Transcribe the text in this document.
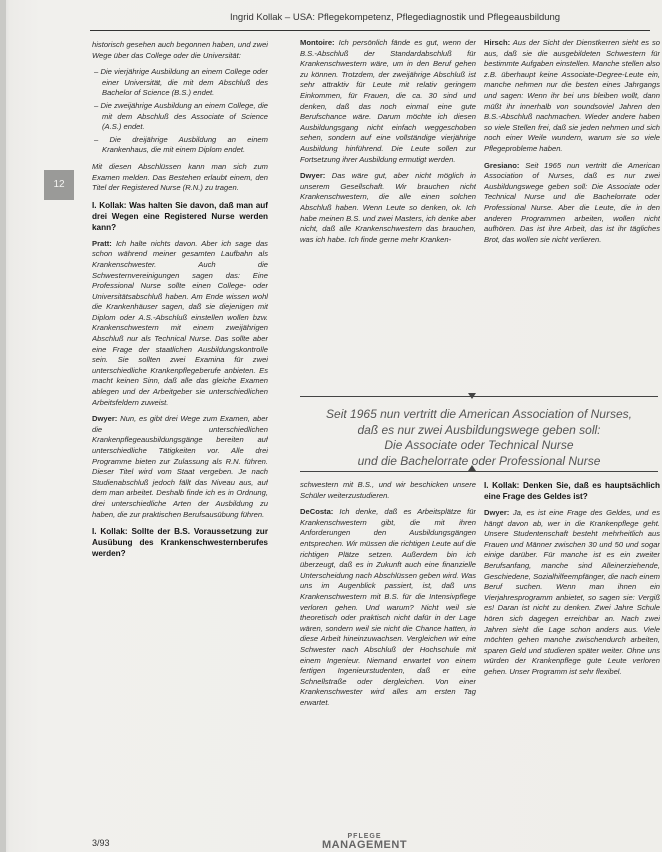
Ingrid Kollak – USA: Pflegekompetenz, Pflegediagnostik und Pflegeausbildung
12

historisch gesehen auch begonnen haben, und zwei Wege über das College oder die Universität:

– Die vierjährige Ausbildung an einem College oder einer Universität, die mit dem Abschluß des Bachelor of Science (B.S.) endet.
– Die zweijährige Ausbildung an einem College, die mit dem Abschluß des Associate of Science (A.S.) endet.
– Die dreijährige Ausbildung an einem Krankenhaus, die mit einem Diplom endet.

Mit diesen Abschlüssen kann man sich zum Examen melden. Das Bestehen erlaubt einem, den Titel der Registered Nurse (R.N.) zu tragen.

I. Kollak: Was halten Sie davon, daß man auf drei Wegen eine Registered Nurse werden kann?

Pratt: Ich halte nichts davon. Aber ich sage das schon während meiner gesamten Laufbahn als Krankenschwester. Auch die Schwesternvereinigungen sagen das: Eine Professional Nurse sollte einen College- oder Universitätsabschluß haben. Am Ende wissen wohl die Krankenhäuser sagen, daß sie diejenigen mit Diplom oder A.S.-Abschluß einstellen wollen bzw. Krankenschwestern mit einem zweijährigen Abschluß nur als Technical Nurse. Das sollte aber eine Frage der staatlichen Ausbildungskontrolle sein. Sie sollten zwei Examina für zwei unterschiedliche Krankenpflegeberufe anbieten. Es macht keinen Sinn, daß alle das gleiche Examen ablegen und der Arbeitgeber sie unterschiedlichen Arbeitsfeldern zuweist.

Dwyer: Nun, es gibt drei Wege zum Examen, aber die unterschiedlichen Krankenpflegeausbildungsgänge bereiten auf unterschiedliche Tätigkeiten vor. Alle drei Programme bieten zur Zulassung als R.N. führen. Dieser Titel wird vom Staat vergeben. Je nach Studienabschluß jedoch fällt das Niveau aus, auf dem man arbeitet. Deshalb finde ich es in Ordnung, drei unterschiedliche Arten der Ausbildung zu haben, die zur praktischen Berufsausübung führen.

I. Kollak: Sollte der B.S. Voraussetzung zur Ausübung des Krankenschwesternberufes werden?

Montoire: Ich persönlich fände es gut, wenn der B.S.-Abschluß der Standardabschluß für Krankenschwestern wäre, um in den Beruf gehen zu können. Trotzdem, der zweijährige Abschluß ist sehr attraktiv für Leute mit relativ geringem Einkommen, für Frauen, die ca. 30 sind und denken, daß das noch einmal eine gute Berufschance wäre. Darum möchte ich diesen Ausbildungsgang nicht einfach weggeschoben sehen, sondern auf eine vollständige vierjährige Ausbildung hinführend. Die Leute sollen zur Fortsetzung ihrer Ausbildung ermutigt werden.

Dwyer: Das wäre gut, aber nicht möglich in unserem Gesellschaft. Wir brauchen nicht Krankenschwestern, die alle einen solchen Abschluß haben. Wenn Leute so denken, ok. Ich habe meinen B.S. und zwei Masters, ich denke aber nicht, daß alle Krankenschwestern das brauchen, was ich habe. Ich finde gerne mehr Kranken-

Hirsch: Aus der Sicht der Dienstkerren sieht es so aus, daß sie die ausgebildeten Schwestern für bestimmte Aufgaben einstellen. Manche stellen also z.B. überhaupt keine Associate-Degree-Leute ein, manche nehmen nur die besten eines Jahrgangs und sagen: Wenn ihr bei uns bleiben wollt, dann müßt ihr innerhalb von soundsoviel Jahren den B.S.-Abschluß nachmachen. Wieder andere haben so viele Stellen frei, daß sie jeden nehmen und sich noch einer Weile wundern, warum sie so viele Pflegeprobleme haben.

Gresiano: Seit 1965 nun vertritt die American Association of Nurses, daß es nur zwei Ausbildungswege geben soll: Die Associate oder Technical Nurse und die Bachelorrate oder Professional Nurse. Aber die Leute, die in den anderen Programmen arbeiten, wollen nicht aufhören. Das ist ihre Arbeit, das ist ihr tägliches Brot, das wollen sie nicht verlieren.

Seit 1965 nun vertritt die American Association of Nurses,
daß es nur zwei Ausbildungswege geben soll:
Die Associate oder Technical Nurse
und die Bachelorrate oder Professional Nurse

schwestern mit B.S., und wir beschicken unsere Schüler weiterzustudieren.

DeCosta: Ich denke, daß es Arbeitsplätze für Krankenschwestern gibt, die mit ihren Anforderungen den Ausbildungsgängen entsprechen. Wir müssen die richtigen Leute auf die richtigen Plätze setzen. Außerdem bin ich überzeugt, daß es in Zukunft auch eine finanzielle Unterscheidung nach Abschlüssen geben wird. Was uns im Augenblick passiert, ist, daß uns Krankenschwestern mit B.S. für die Intensivpflege verloren gehen. Und warum? Nicht weil sie theoretisch oder praktisch nicht dafür in der Lage wären, sondern weil sie nicht die Chance hatten, in diese Arbeit hineinzuwachsen. Vergleichen wir eine Schwester nach Abschluß der Hochschule mit einem Ingenieur. Niemand erwartet von einem fertigen Ingenieurstudenten, daß er eine Schnellstraße oder dergleichen. Von einer Krankenschwester wird alles am ersten Tag erwartet.

I. Kollak: Denken Sie, daß es hauptsächlich eine Frage des Geldes ist?

Dwyer: Ja, es ist eine Frage des Geldes, und es hängt davon ab, wer in die Krankenpflege geht. Unsere Studentenschaft besteht mehrheitlich aus Frauen und Männer zwischen 30 und 50 und sogar einige darüber. Für manche ist es ein zweiter Berufsanfang, manche sind Alleinerziehende, Geschiedene, Sozialhilfeempfänger, die nach einem Beruf suchen. Wenn man ihnen ein Vierjahresprogramm anbietet, so sagen sie: Vergiß es! Daran ist nicht zu denken. Zwei Jahre Schule hören sich dagegen erreichbar an. Nach zwei Jahren sieht die Lage schon anders aus. Viele möchten gehen manche zwischendurch arbeiten, sparen Geld und studieren später weiter. Ohne uns würden der Krankenpflege gute Leute verloren gehen. Unser Programm ist sehr flexibel.

3/93
PFLEGE
MANAGEMENT
